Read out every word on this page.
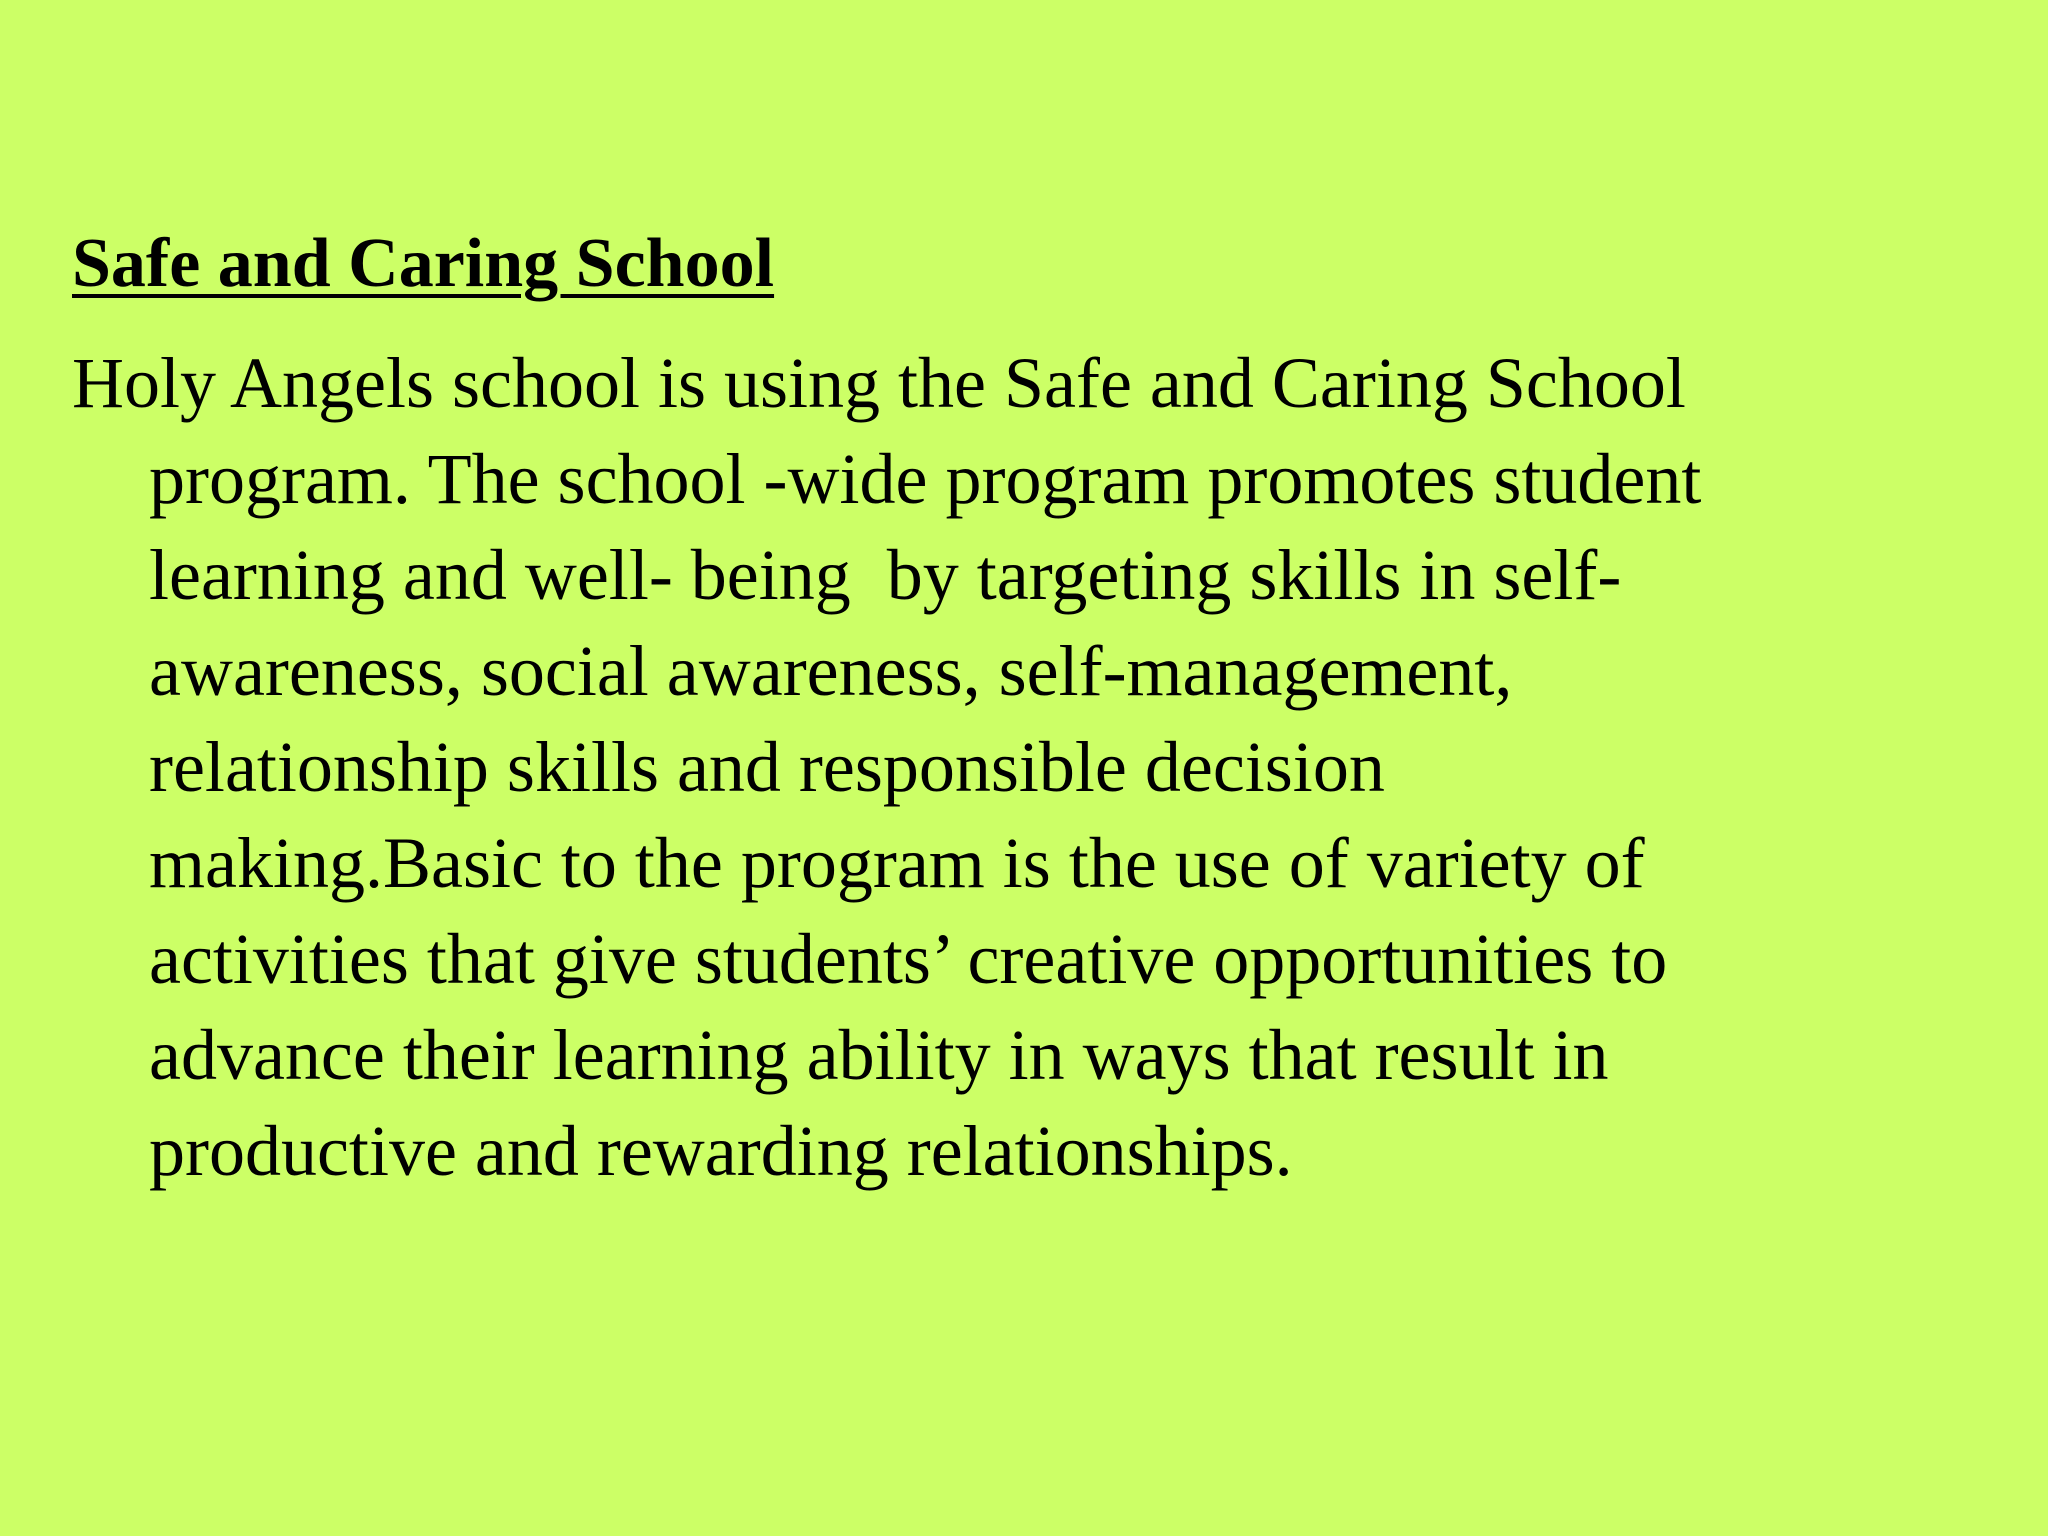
Safe and Caring School
Holy Angels school is using the Safe and Caring School
program. The school -wide program promotes student
learning and well- being  by targeting skills in self-
awareness, social awareness, self-management,
relationship skills and responsible decision
making.Basic to the program is the use of variety of
activities that give students’ creative opportunities to
advance their learning ability in ways that result in
productive and rewarding relationships.
